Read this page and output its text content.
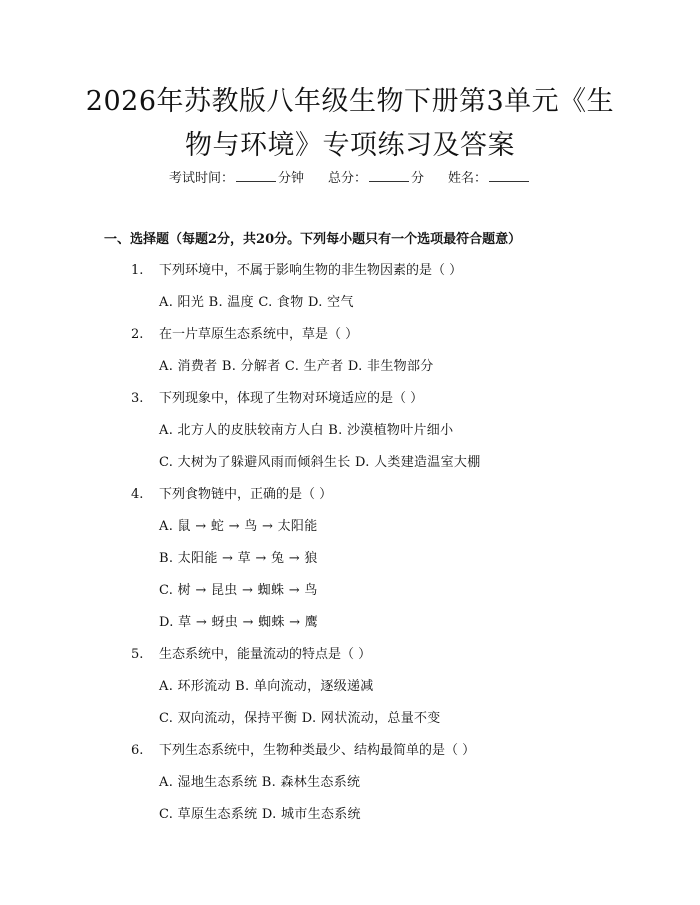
2026年苏教版八年级生物下册第3单元《生
物与环境》专项练习及答案
考试时间：	分钟 总分：	分 姓名：
一、选择题（每题2分，共20分。下列每小题只有一个选项最符合题意）
1. 下列环境中，不属于影响生物的非生物因素的是（ ）
A. 阳光 B. 温度 C. 食物 D. 空气
2. 在一片草原生态系统中，草是（ ）
A. 消费者 B. 分解者 C. 生产者 D. 非生物部分
3. 下列现象中，体现了生物对环境适应的是（ ）
A. 北方人的皮肤较南方人白 B. 沙漠植物叶片细小
C. 大树为了躲避风雨而倾斜生长 D. 人类建造温室大棚
4. 下列食物链中，正确的是（ ）
A. 鼠 → 蛇 → 鸟 → 太阳能
B. 太阳能 → 草 → 兔 → 狼
C. 树 → 昆虫 → 蜘蛛 → 鸟
D. 草 → 蚜虫 → 蜘蛛 → 鹰
5. 生态系统中，能量流动的特点是（ ）
A. 环形流动 B. 单向流动，逐级递减
C. 双向流动，保持平衡 D. 网状流动，总量不变
6. 下列生态系统中，生物种类最少、结构最简单的是（ ）
A. 湿地生态系统 B. 森林生态系统
C. 草原生态系统 D. 城市生态系统
